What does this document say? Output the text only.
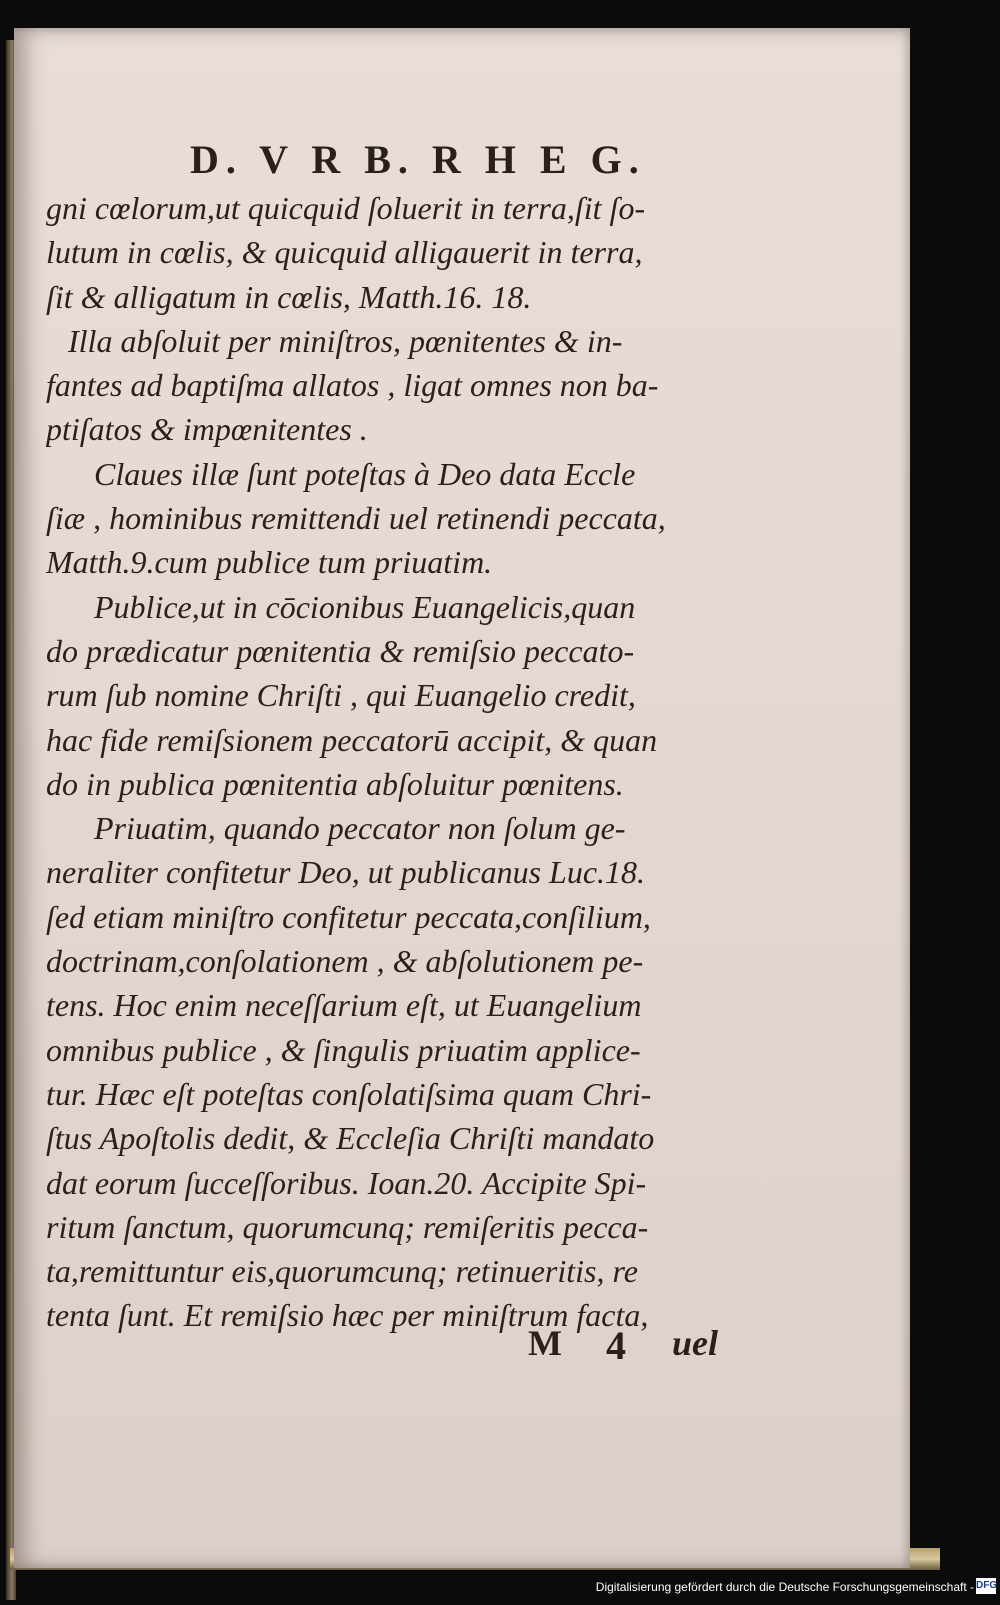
D. V R B. R H E G.
gni cœlorum,ut quicquid ſoluerit in terra,ſit ſo-
lutum in cœlis, & quicquid alligauerit in terra,
ſit & alligatum in cœlis, Matth.16. 18.
Illa abſoluit per miniſtros, pœnitentes & in-
fantes ad baptiſma allatos , ligat omnes non ba-
ptiſatos & impœnitentes .
Claues illæ ſunt poteſtas à Deo data Eccle
ſiæ , hominibus remittendi uel retinendi peccata,
Matth.9.cum publice tum priuatim.
Publice,ut in cōcionibus Euangelicis,quan
do prædicatur pœnitentia & remiſsio peccato-
rum ſub nomine Chriſti , qui Euangelio credit,
hac fide remiſsionem peccatorū accipit, & quan
do in publica pœnitentia abſoluitur pœnitens.
Priuatim, quando peccator non ſolum ge-
neraliter confitetur Deo, ut publicanus Luc.18.
ſed etiam miniſtro confitetur peccata,conſilium,
doctrinam,conſolationem , & abſolutionem pe-
tens. Hoc enim neceſſarium eſt, ut Euangelium
omnibus publice , & ſingulis priuatim applice-
tur. Hæc eſt poteſtas conſolatiſsima quam Chri-
ſtus Apoſtolis dedit, & Eccleſia Chriſti mandato
dat eorum ſucceſſoribus. Ioan.20. Accipite Spi-
ritum ſanctum, quorumcunq; remiſeritis pecca-
ta,remittuntur eis,quorumcunq; retinueritis, re
tenta ſunt. Et remiſsio hæc per miniſtrum facta,
M 4 uel
Digitalisierung gefördert durch die Deutsche Forschungsgemeinschaft - DFG
